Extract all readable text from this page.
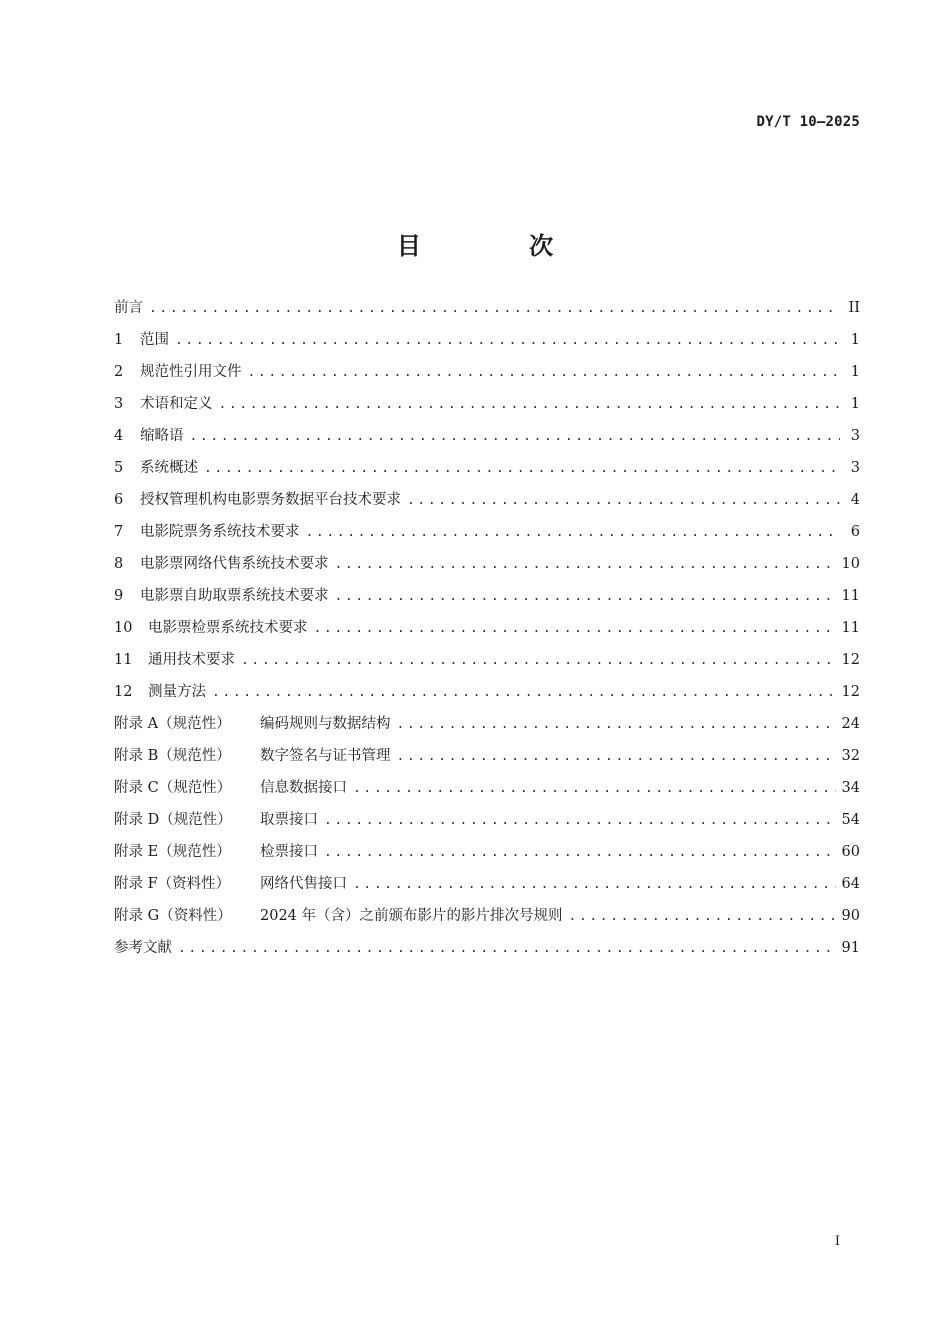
DY/T 10—2025
目 次
前言 .....	II
1	范围 .....	1
2	规范性引用文件 .....	1
3	术语和定义 .....	1
4	缩略语 .....	3
5	系统概述 .....	3
6	授权管理机构电影票务数据平台技术要求 .....	4
7	电影院票务系统技术要求 .....	6
8	电影票网络代售系统技术要求 .....	10
9	电影票自助取票系统技术要求 .....	11
10	电影票检票系统技术要求 .....	11
11	通用技术要求 .....	12
12	测量方法 .....	12
附录 A（规范性）	编码规则与数据结构 .....	24
附录 B（规范性）	数字签名与证书管理 .....	32
附录 C（规范性）	信息数据接口 .....	34
附录 D（规范性）	取票接口 .....	54
附录 E（规范性）	检票接口 .....	60
附录 F（资料性）	网络代售接口 .....	64
附录 G（资料性）	2024 年（含）之前颁布影片的影片排次号规则 .....	90
参考文献 .....	91
I
